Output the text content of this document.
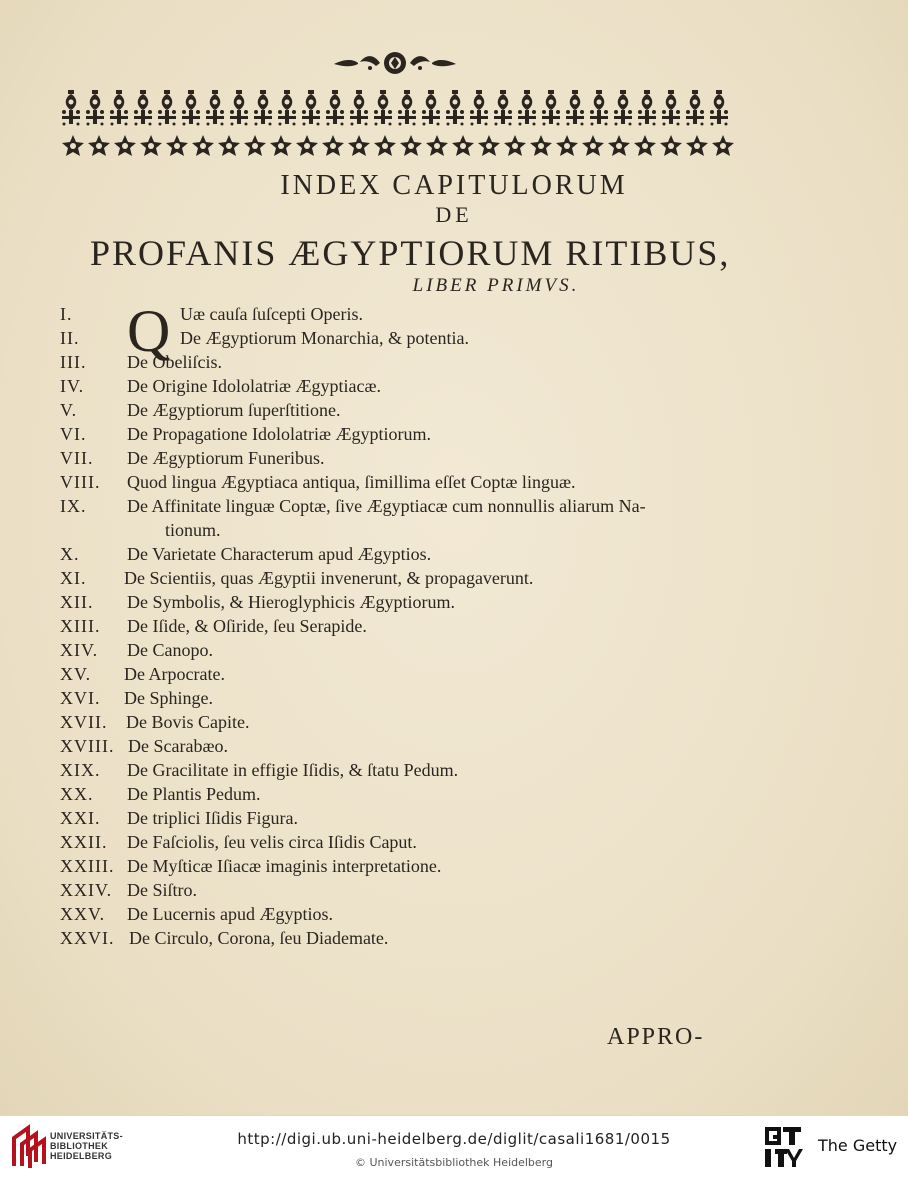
INDEX CAPITULORUM
DE
PROFANIS ÆGYPTIORUM RITIBUS,
LIBER PRIMVS.
Q
I.	Uæ cauſa ſuſcepti Operis.
II.	De Ægyptiorum Monarchia, & potentia.
III.	De Obeliſcis.
IV.	De Origine Idololatriæ Ægyptiacæ.
V.	De Ægyptiorum ſuperſtitione.
VI.	De Propagatione Idololatriæ Ægyptiorum.
VII.	De Ægyptiorum Funeribus.
VIII.	Quod lingua Ægyptiaca antiqua, ſimillima eſſet Coptæ linguæ.
IX.	De Affinitate linguæ Coptæ, ſive Ægyptiacæ cum nonnullis aliarum Na-
tionum.
X.	De Varietate Characterum apud Ægyptios.
XI.	De Scientiis, quas Ægyptii invenerunt, & propagaverunt.
XII.	De Symbolis, & Hieroglyphicis Ægyptiorum.
XIII.	De Iſide, & Oſiride, ſeu Serapide.
XIV.	De Canopo.
XV.	De Arpocrate.
XVI.	De Sphinge.
XVII.	De Bovis Capite.
XVIII. De Scarabæo.
XIX.	De Gracilitate in effigie Iſidis, & ſtatu Pedum.
XX.	De Plantis Pedum.
XXI.	De triplici Iſidis Figura.
XXII.	De Faſciolis, ſeu velis circa Iſidis Caput.
XXIII. De Myſticæ Iſiacæ imaginis interpretatione.
XXIV. De Siſtro.
XXV.	De Lucernis apud Ægyptios.
XXVI. De Circulo, Corona, ſeu Diademate.
APPRO-
UNIVERSITÄTS-
BIBLIOTHEK
HEIDELBERG
http://digi.ub.uni-heidelberg.de/diglit/casali1681/0015
© Universitätsbibliothek Heidelberg
The Getty
